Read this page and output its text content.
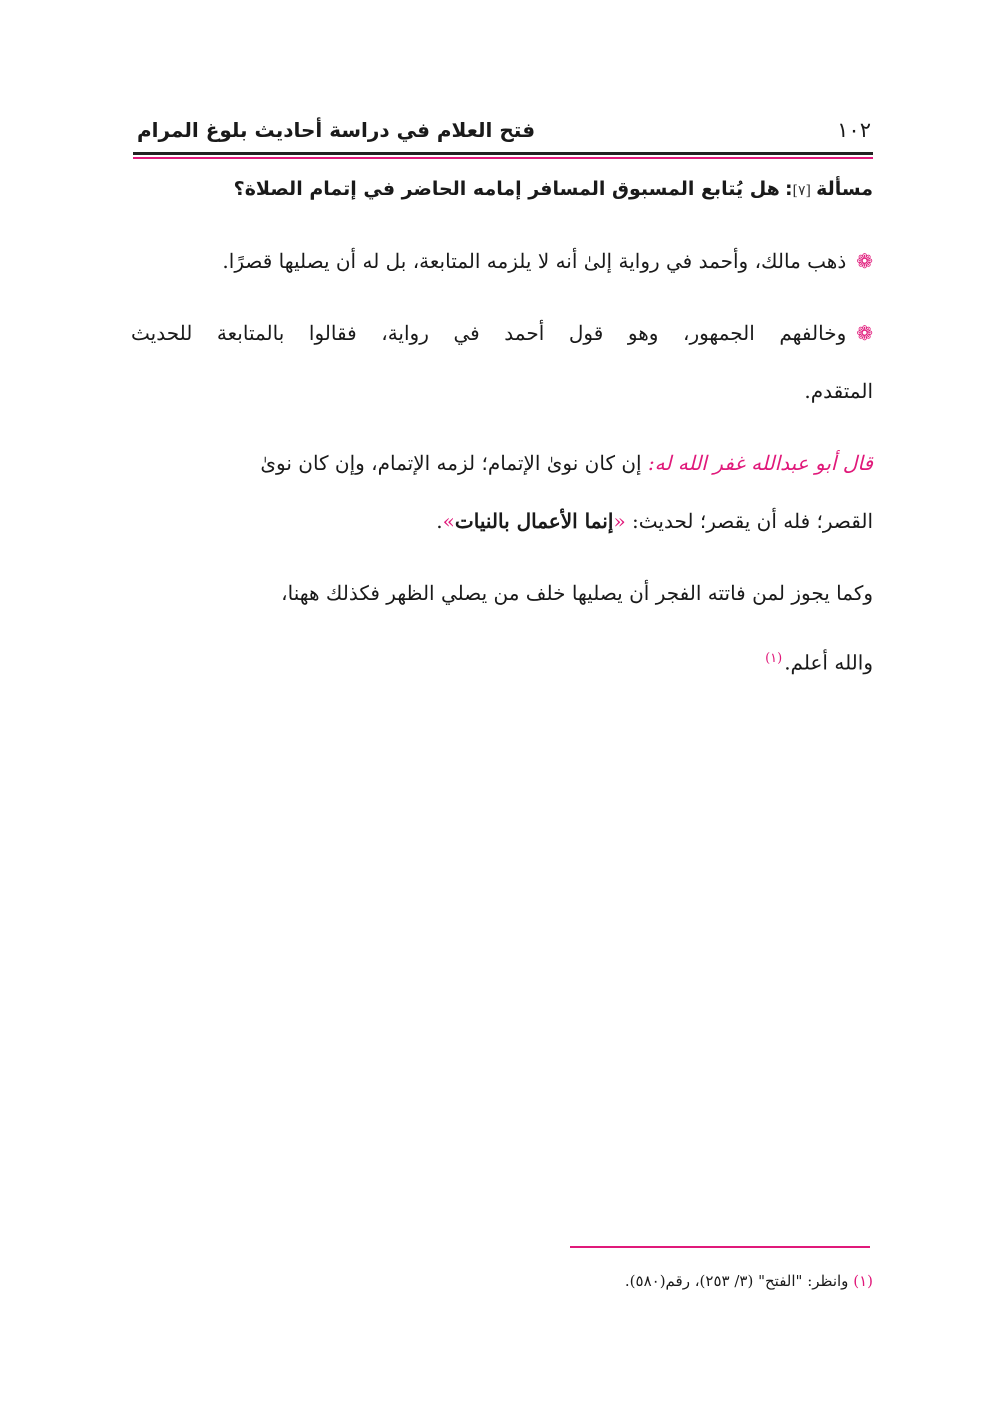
١٠٢
فتح العلام في دراسة أحاديث بلوغ المرام
مسألة [٧]: هل يُتابع المسبوق المسافر إمامه الحاضر في إتمام الصلاة؟
❁ذهب مالك، وأحمد في رواية إلىٰ أنه لا يلزمه المتابعة، بل له أن يصليها قصرًا.
❁وخالفهم الجمهور، وهو قول أحمد في رواية، فقالوا بالمتابعة للحديث
المتقدم.
قال أبو عبدالله غفر الله له: إن كان نوىٰ الإتمام؛ لزمه الإتمام، وإن كان نوىٰ
القصر؛ فله أن يقصر؛ لحديث: «إنما الأعمال بالنيات».
وكما يجوز لمن فاتته الفجر أن يصليها خلف من يصلي الظهر فكذلك ههنا،
والله أعلم.$^{(١)}$
(١) وانظر: "الفتح" (٣/ ٢٥٣)، رقم(٥٨٠).
